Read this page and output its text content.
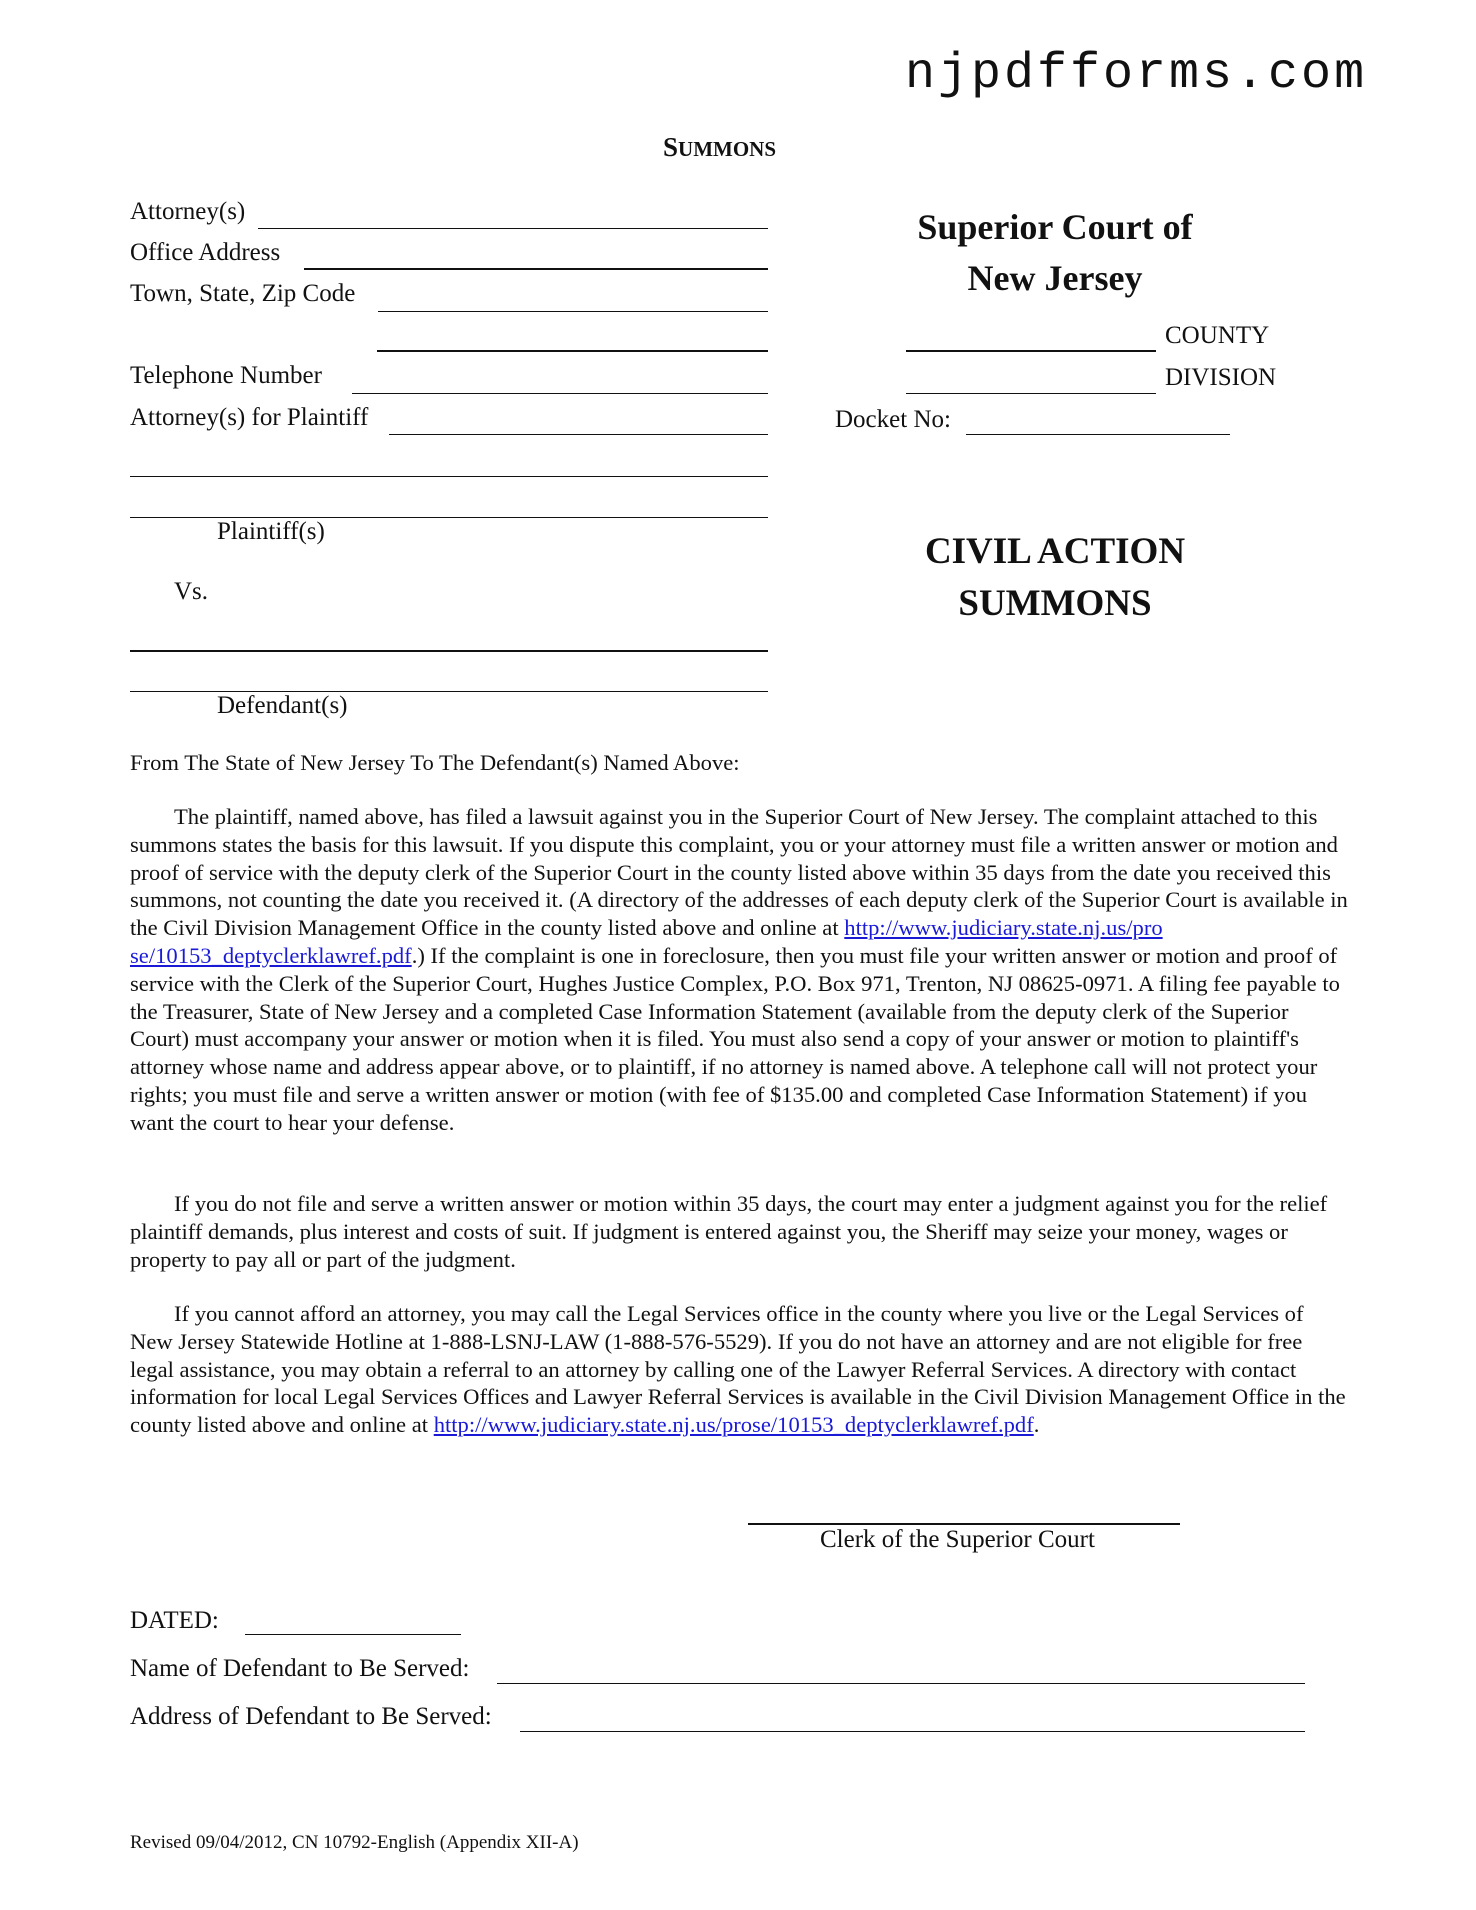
njpdfforms.com
SUMMONS
Attorney(s)
Office Address
Town, State, Zip Code
Telephone Number
Attorney(s) for Plaintiff
Plaintiff(s)
Vs.
Defendant(s)
Superior Court of
New Jersey
COUNTY
DIVISION
Docket No:
CIVIL ACTION
SUMMONS
From The State of New Jersey To The Defendant(s) Named Above:

The plaintiff, named above, has filed a lawsuit against you in the Superior Court of New Jersey. The complaint attached to this summons states the basis for this lawsuit. If you dispute this complaint, you or your attorney must file a written answer or motion and proof of service with the deputy clerk of the Superior Court in the county listed above within 35 days from the date you received this summons, not counting the date you received it. (A directory of the addresses of each deputy clerk of the Superior Court is available in the Civil Division Management Office in the county listed above and online at http://www.judiciary.state.nj.us/pro se/10153_deptyclerklawref.pdf.) If the complaint is one in foreclosure, then you must file your written answer or motion and proof of service with the Clerk of the Superior Court, Hughes Justice Complex, P.O. Box 971, Trenton, NJ 08625-0971. A filing fee payable to the Treasurer, State of New Jersey and a completed Case Information Statement (available from the deputy clerk of the Superior Court) must accompany your answer or motion when it is filed. You must also send a copy of your answer or motion to plaintiff's attorney whose name and address appear above, or to plaintiff, if no attorney is named above. A telephone call will not protect your rights; you must file and serve a written answer or motion (with fee of $135.00 and completed Case Information Statement) if you want the court to hear your defense.

If you do not file and serve a written answer or motion within 35 days, the court may enter a judgment against you for the relief plaintiff demands, plus interest and costs of suit. If judgment is entered against you, the Sheriff may seize your money, wages or property to pay all or part of the judgment.

If you cannot afford an attorney, you may call the Legal Services office in the county where you live or the Legal Services of New Jersey Statewide Hotline at 1-888-LSNJ-LAW (1-888-576-5529). If you do not have an attorney and are not eligible for free legal assistance, you may obtain a referral to an attorney by calling one of the Lawyer Referral Services. A directory with contact information for local Legal Services Offices and Lawyer Referral Services is available in the Civil Division Management Office in the county listed above and online at http://www.judiciary.state.nj.us/prose/10153_deptyclerklawref.pdf.

Clerk of the Superior Court
DATED:
Name of Defendant to Be Served:
Address of Defendant to Be Served:
Revised 09/04/2012, CN 10792-English (Appendix XII-A)
